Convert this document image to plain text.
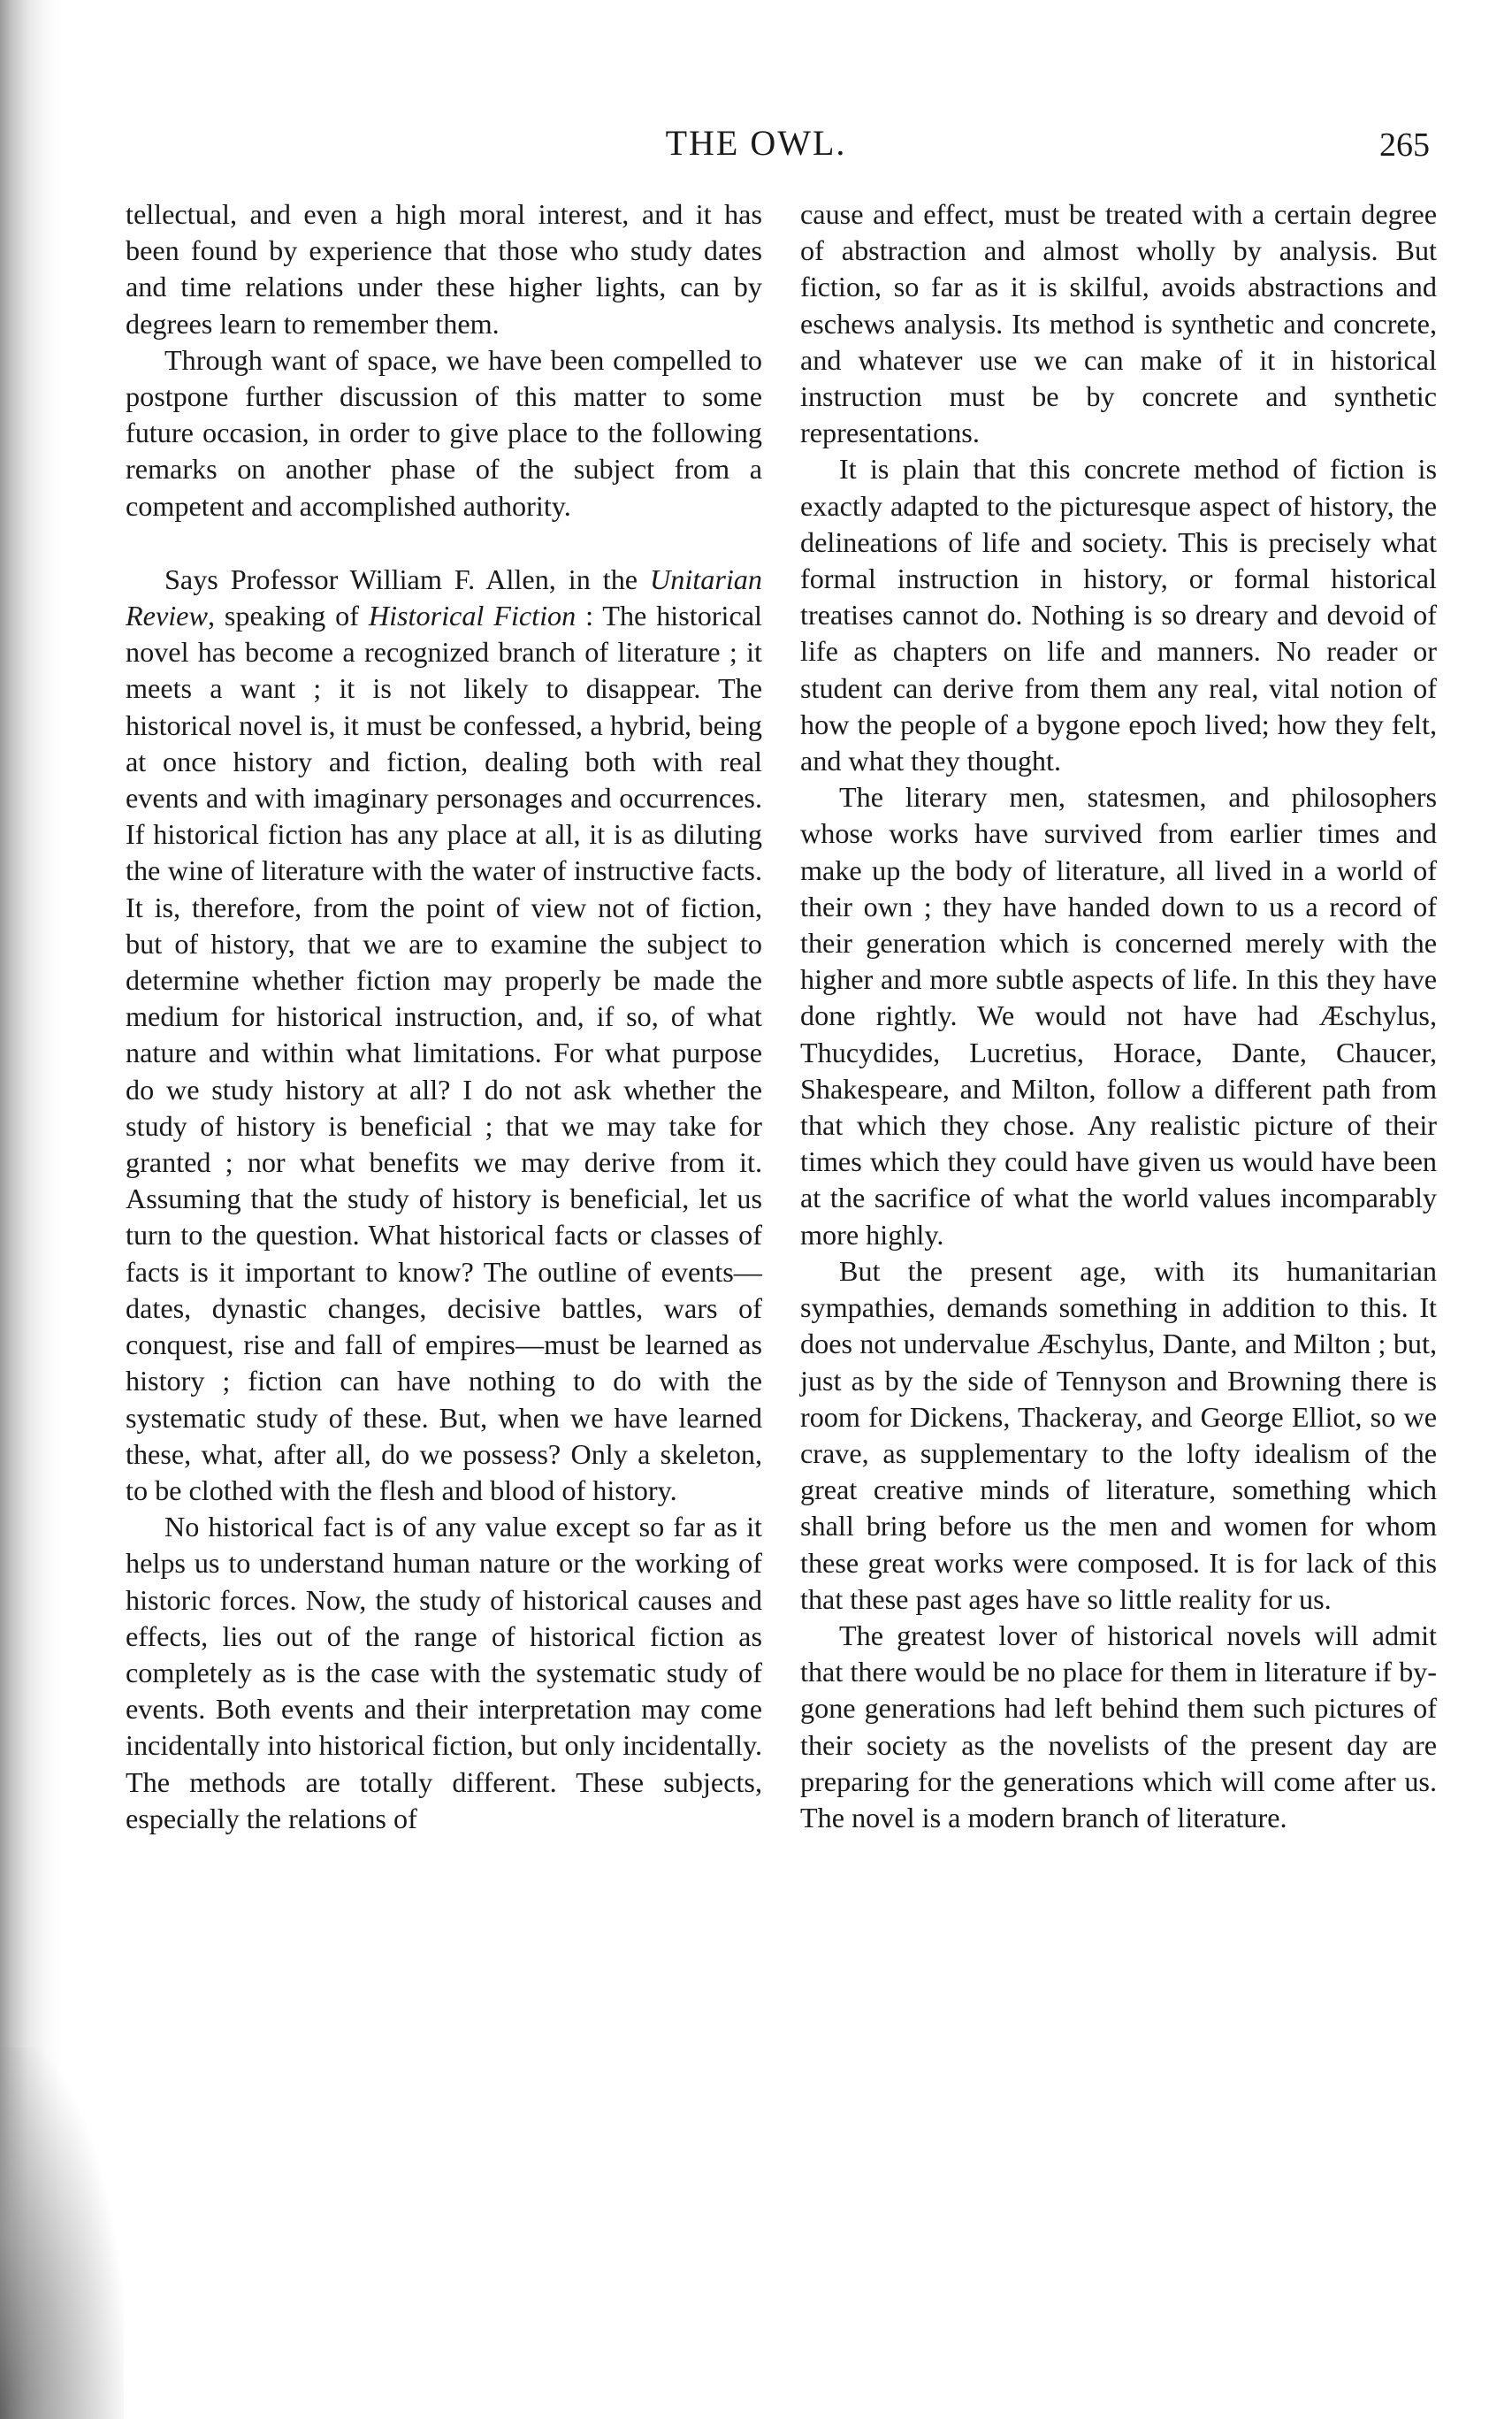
THE OWL.	265

tellectual, and even a high moral interest, and it has been found by experience that those who study dates and time relations under these higher lights, can by degrees learn to remember them.

Through want of space, we have been compelled to postpone further discussion of this matter to some future occasion, in order to give place to the following remarks on another phase of the subject from a competent and accomplished authority.

Says Professor William F. Allen, in the Unitarian Review, speaking of Historical Fiction : The historical novel has become a recognized branch of literature ; it meets a want ; it is not likely to disappear. The historical novel is, it must be confessed, a hybrid, being at once history and fiction, dealing both with real events and with imaginary personages and occurrences. If historical fiction has any place at all, it is as diluting the wine of literature with the water of instructive facts. It is, therefore, from the point of view not of fiction, but of history, that we are to examine the subject to determine whether fiction may properly be made the medium for historical instruction, and, if so, of what nature and within what limitations. For what purpose do we study history at all? I do not ask whether the study of history is beneficial ; that we may take for granted ; nor what benefits we may derive from it. Assuming that the study of history is beneficial, let us turn to the question. What historical facts or classes of facts is it important to know? The outline of events—dates, dynastic changes, decisive battles, wars of conquest, rise and fall of empires—must be learned as history ; fiction can have nothing to do with the systematic study of these. But, when we have learned these, what, after all, do we possess? Only a skeleton, to be clothed with the flesh and blood of history.

No historical fact is of any value except so far as it helps us to understand human nature or the working of historic forces. Now, the study of historical causes and effects, lies out of the range of historical fiction as completely as is the case with the systematic study of events. Both events and their interpretation may come incidentally into historical fiction, but only incidentally. The methods are totally different. These subjects, especially the relations of

cause and effect, must be treated with a certain degree of abstraction and almost wholly by analysis. But fiction, so far as it is skilful, avoids abstractions and eschews analysis. Its method is synthetic and concrete, and whatever use we can make of it in historical instruction must be by concrete and synthetic representations.

It is plain that this concrete method of fiction is exactly adapted to the picturesque aspect of history, the delineations of life and society. This is precisely what formal instruction in history, or formal historical treatises cannot do. Nothing is so dreary and devoid of life as chapters on life and manners. No reader or student can derive from them any real, vital notion of how the people of a bygone epoch lived; how they felt, and what they thought.

The literary men, statesmen, and philosophers whose works have survived from earlier times and make up the body of literature, all lived in a world of their own ; they have handed down to us a record of their generation which is concerned merely with the higher and more subtle aspects of life. In this they have done rightly. We would not have had Æschylus, Thucydides, Lucretius, Horace, Dante, Chaucer, Shakespeare, and Milton, follow a different path from that which they chose. Any realistic picture of their times which they could have given us would have been at the sacrifice of what the world values incomparably more highly.

But the present age, with its humanitarian sympathies, demands something in addition to this. It does not undervalue Æschylus, Dante, and Milton ; but, just as by the side of Tennyson and Browning there is room for Dickens, Thackeray, and George Elliot, so we crave, as supplementary to the lofty idealism of the great creative minds of literature, something which shall bring before us the men and women for whom these great works were composed. It is for lack of this that these past ages have so little reality for us.

The greatest lover of historical novels will admit that there would be no place for them in literature if by-gone generations had left behind them such pictures of their society as the novelists of the present day are preparing for the generations which will come after us. The novel is a modern branch of literature.
